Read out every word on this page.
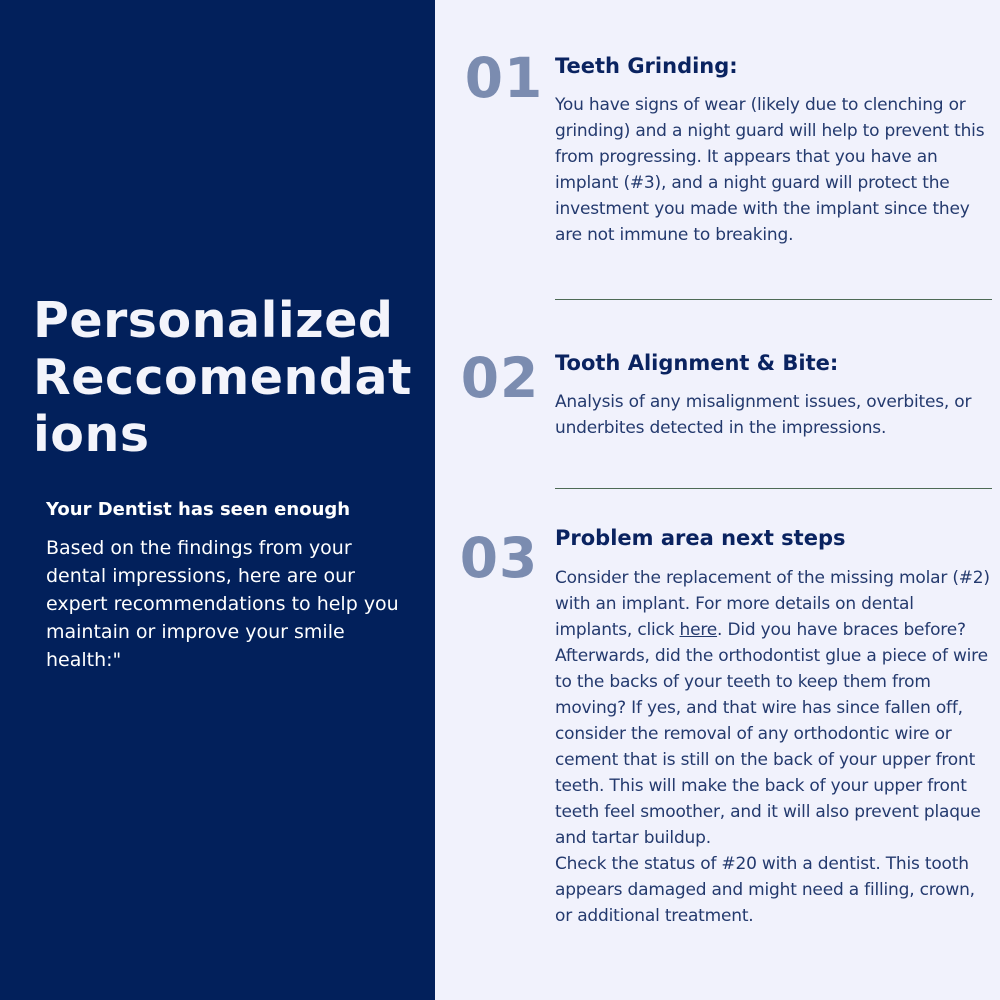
Personalized Reccomendations

Your Dentist has seen enough

Based on the findings from your dental impressions, here are our expert recommendations to help you maintain or improve your smile health:"

01 Teeth Grinding:

You have signs of wear (likely due to clenching or grinding) and a night guard will help to prevent this from progressing. It appears that you have an implant (#3), and a night guard will protect the investment you made with the implant since they are not immune to breaking.

02 Tooth Alignment & Bite:

Analysis of any misalignment issues, overbites, or underbites detected in the impressions.

03 Problem area next steps

Consider the replacement of the missing molar (#2) with an implant. For more details on dental implants, click here. Did you have braces before? Afterwards, did the orthodontist glue a piece of wire to the backs of your teeth to keep them from moving? If yes, and that wire has since fallen off, consider the removal of any orthodontic wire or cement that is still on the back of your upper front teeth. This will make the back of your upper front teeth feel smoother, and it will also prevent plaque and tartar buildup.
Check the status of #20 with a dentist. This tooth appears damaged and might need a filling, crown, or additional treatment.
